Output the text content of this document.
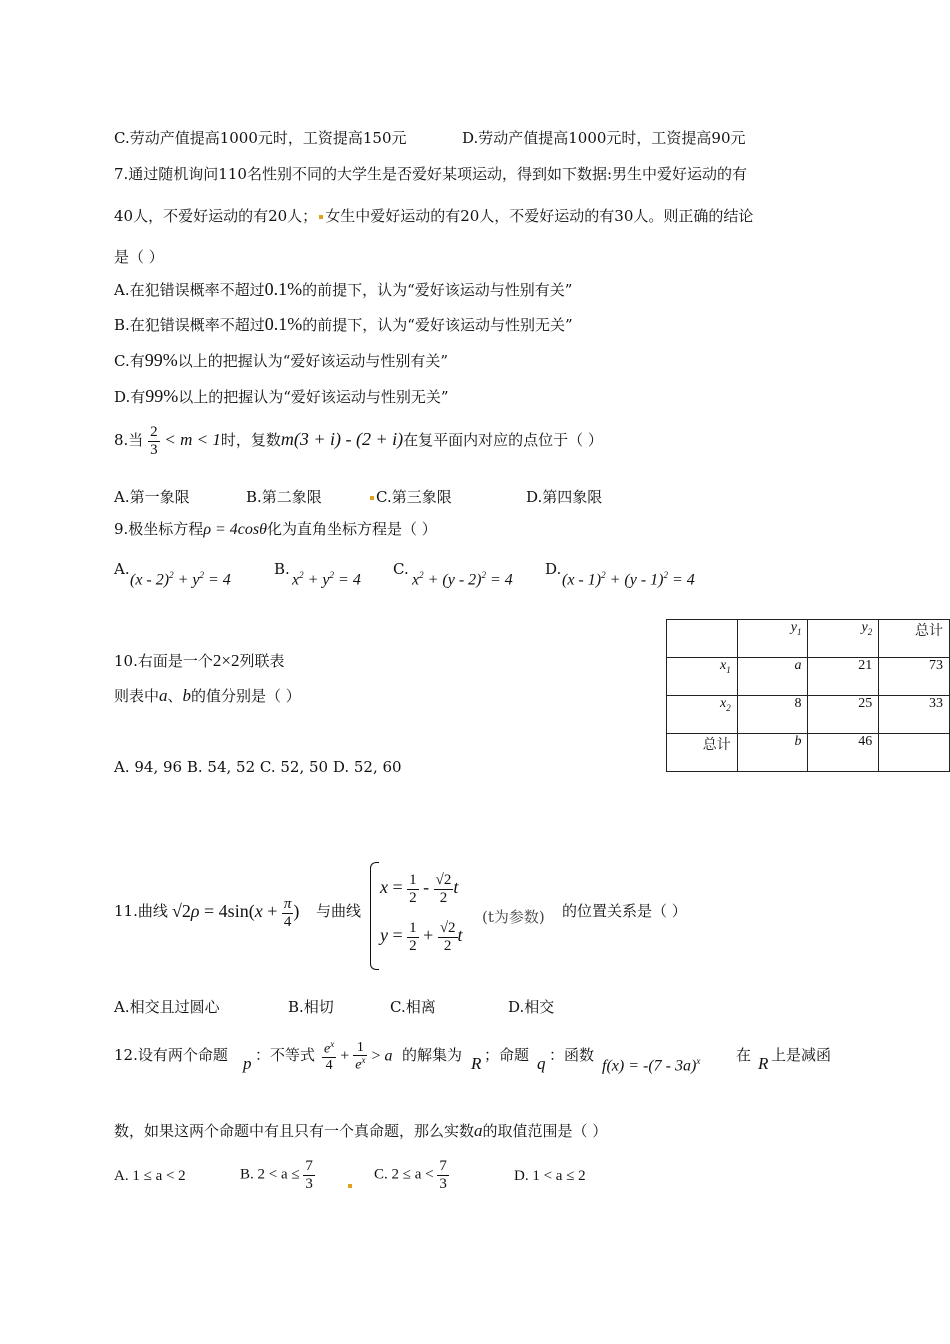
C.劳动产值提高1000元时，工资提高150元	D.劳动产值提高1000元时，工资提高90元
7.通过随机询问110名性别不同的大学生是否爱好某项运动，得到如下数据:男生中爱好运动的有
40人，不爱好运动的有20人； 女生中爱好运动的有20人，不爱好运动的有30人。则正确的结论
是（ ）
A.在犯错误概率不超过0.1%的前提下，认为“爱好该运动与性别有关”
B.在犯错误概率不超过0.1%的前提下，认为“爱好该运动与性别无关”
C.有99%以上的把握认为“爱好该运动与性别有关”
D.有99%以上的把握认为“爱好该运动与性别无关”
8.当 $\frac{2}{3} < m < 1$时，复数m(3 + i) - (2 + i)在复平面内对应的点位于（ ）
A.第一象限	B.第二象限	C.第三象限	D.第四象限
9.极坐标方程ρ = 4cosθ化为直角坐标方程是（ ）
A.
$(x - 2)^2 + y^2 = 4$
B.
$x^2 + y^2 = 4$
C.
$x^2 + (y - 2)^2 = 4$
D.
(x - 1)$^2$ + (y - 1)$^2$ = 4
10.右面是一个2×2列联表
则表中a、b的值分别是（ ）
A. 94, 96 B. 54, 52 C. 52, 50 D. 52, 60
	$y_1$	$y_2$	总计
$x_1$	a	21	73
$x_2$	8	25	33
总计	b	46	
11.曲线 $√2\rho = 4\sin(x + \frac{\pi}{4}$ ) 与曲线
$x = \frac{1}{2} - \frac{√2}{2}$ t
$y = \frac{1}{2} + \frac{√2}{2}$ t
(t为参数) 的位置关系是（ ）
A.相交且过圆心	B.相切	C.相离	D.相交
12.设有两个命题 p ：不等式 $\frac{e^x}{4} + \frac{1}{e^x} > a$ 的解集为 R ；命题 q ：函数
f(x) = -(7 - 3a)$^x$ 在 R 上是减函
数，如果这两个命题中有且只有一个真命题，那么实数a的取值范围是（ ）
A. 1 ≤ a < 2	B. $2 < a \le \frac{7}{3}$	C. $2 \le a < \frac{7}{3}$	D. 1 < a ≤ 2
